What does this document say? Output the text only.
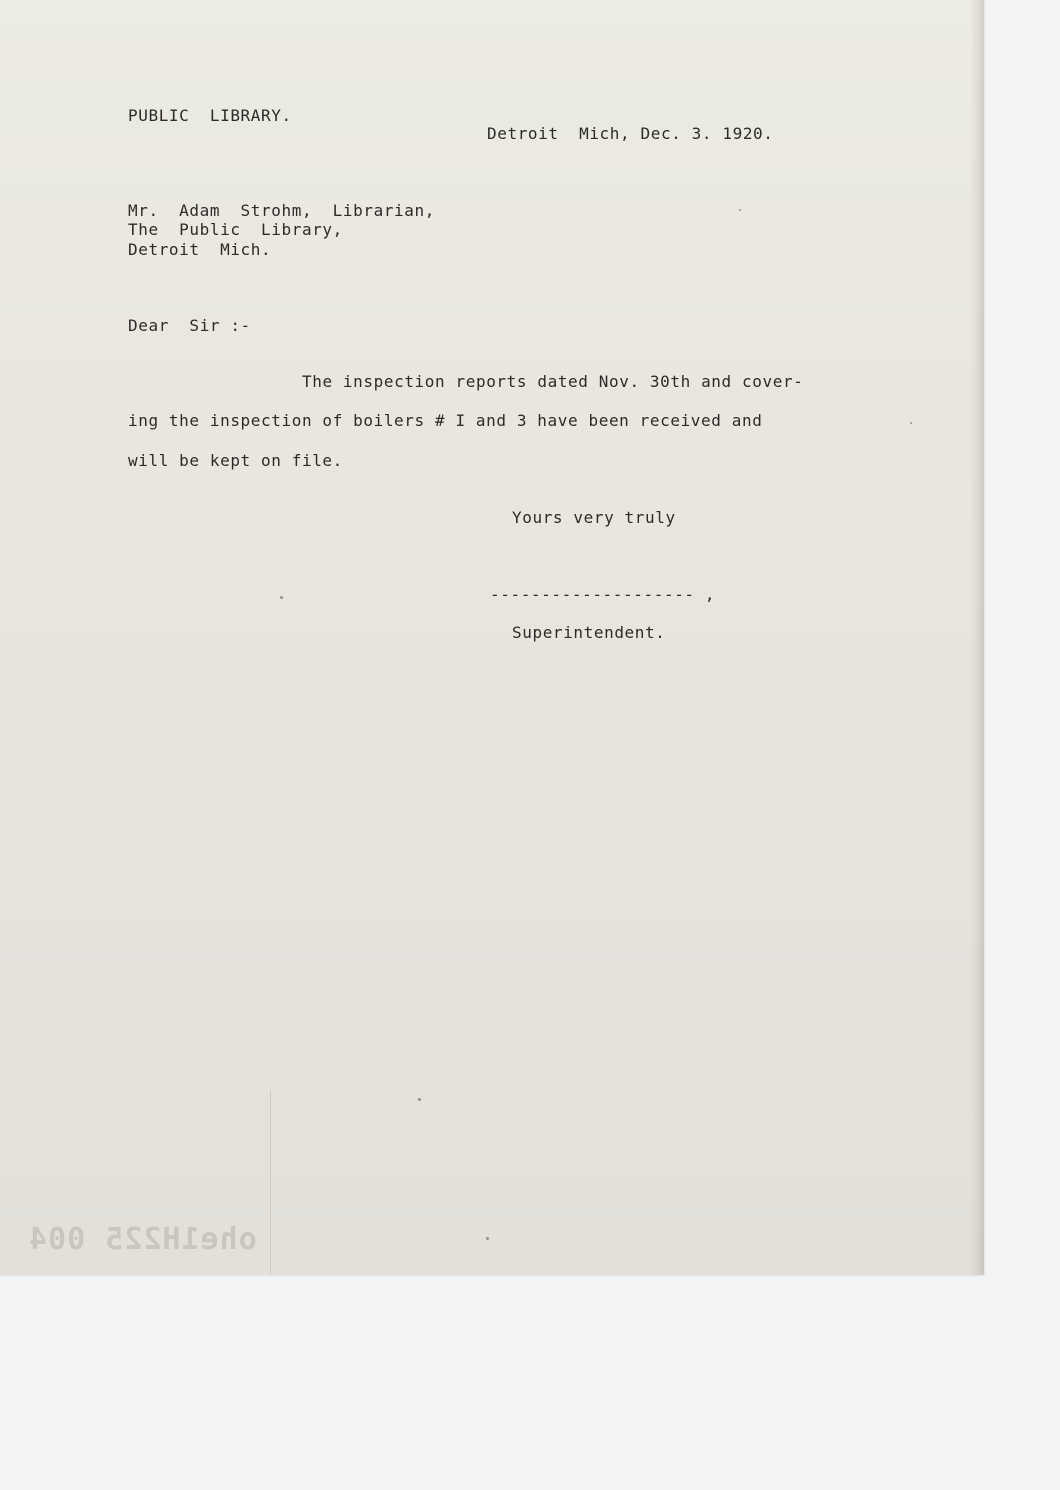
PUBLIC  LIBRARY.
Detroit  Mich, Dec. 3. 1920.
Mr.  Adam  Strohm,  Librarian,
The  Public  Library,
Detroit  Mich.
Dear  Sir :-
The inspection reports dated Nov. 30th and cover-
ing the inspection of boilers # I and 3 have been received and
will be kept on file.
Yours very truly
-------------------- ,
Superintendent.
ohe1H225 004
